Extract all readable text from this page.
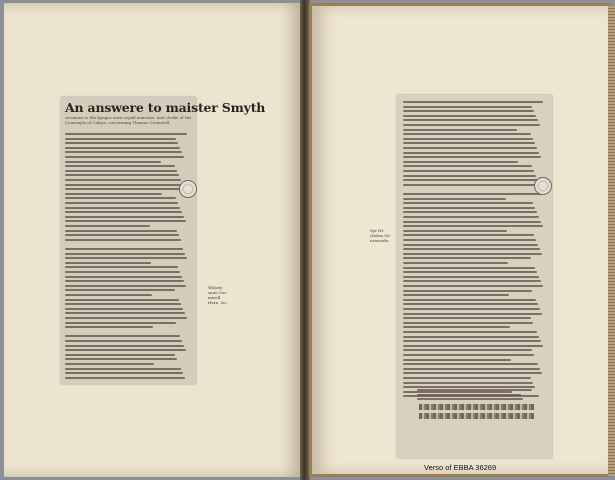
An answere to maister Smyth
seruaunt to the kynges most royall maiestie. And clerke of the
Counsayle of Calays, concerning Thomas Cromwell.
Wolsey
saus Cro-
mwell.
Here, &c.
Syr Ni-
cholas Ge-
newoode.
Verso of EBBA 36269
